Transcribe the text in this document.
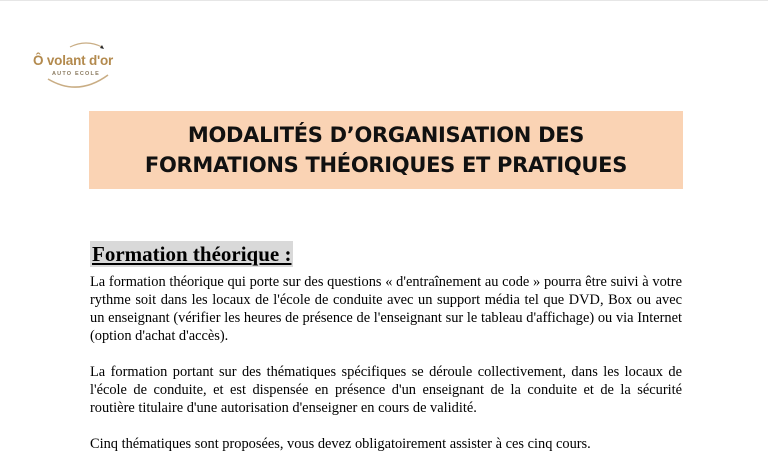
Ô volant d'or
AUTO ECOLE
MODALITÉS D’ORGANISATION DES
FORMATIONS THÉORIQUES ET PRATIQUES
Formation théorique :

La formation théorique qui porte sur des questions « d'entraînement au code » pourra être suivi à votre rythme soit dans les locaux de l'école de conduite avec un support média tel que DVD, Box ou avec un enseignant (vérifier les heures de présence de l'enseignant sur le tableau d'affichage) ou via Internet (option d'achat d'accès).

La formation portant sur des thématiques spécifiques se déroule collectivement, dans les locaux de l'école de conduite, et est dispensée en présence d'un enseignant de la conduite et de la sécurité routière titulaire d'une autorisation d'enseigner en cours de validité.

Cinq thématiques sont proposées, vous devez obligatoirement assister à ces cinq cours.
